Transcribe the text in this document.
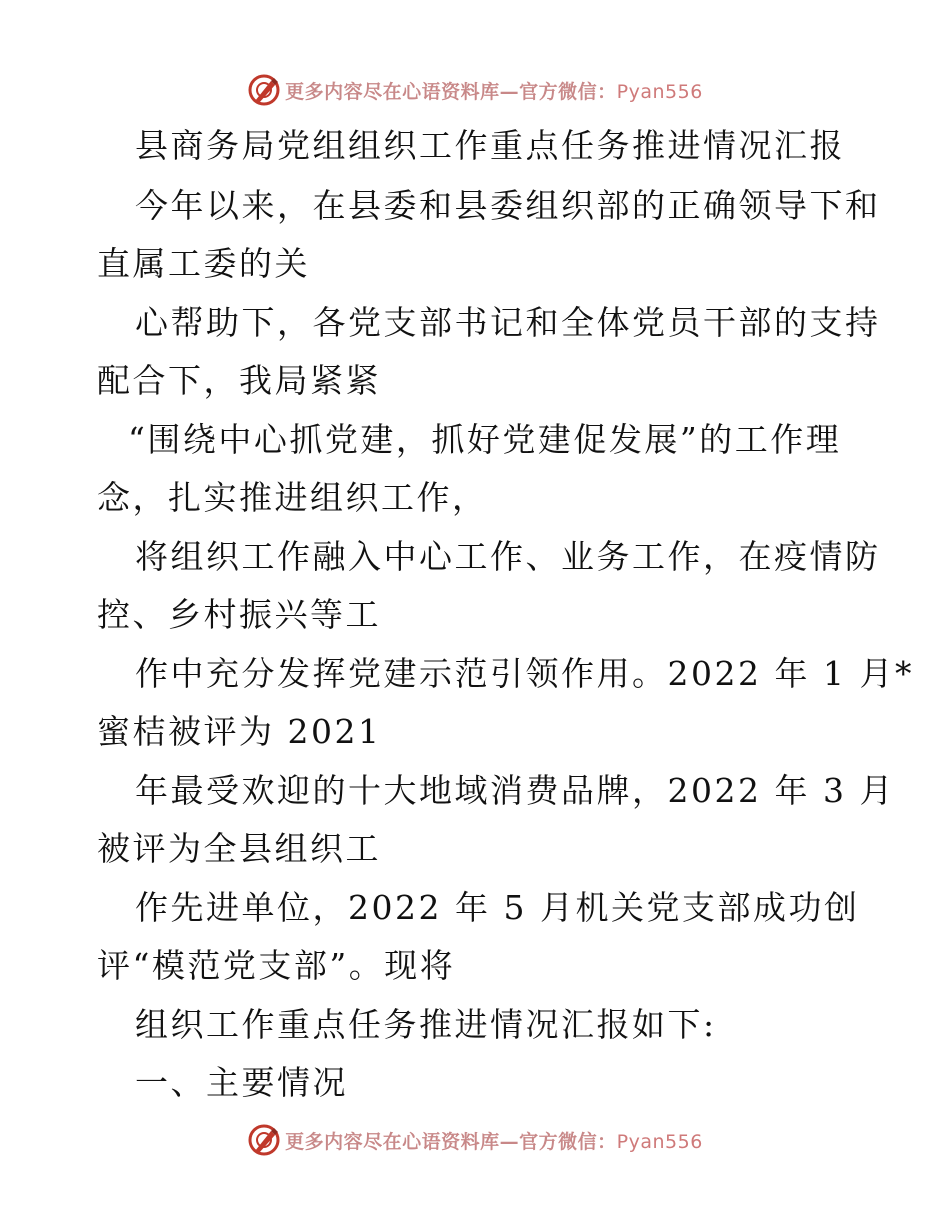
更多内容尽在心语资料库—官方微信：Pyan556
县商务局党组组织工作重点任务推进情况汇报
今年以来，在县委和县委组织部的正确领导下和
直属工委的关
心帮助下，各党支部书记和全体党员干部的支持
配合下，我局紧紧
“围绕中心抓党建，抓好党建促发展”的工作理
念，扎实推进组织工作，
将组织工作融入中心工作、业务工作，在疫情防
控、乡村振兴等工
作中充分发挥党建示范引领作用。2022 年 1 月*
蜜桔被评为 2021
年最受欢迎的十大地域消费品牌，2022 年 3 月
被评为全县组织工
作先进单位，2022 年 5 月机关党支部成功创
评“模范党支部”。现将
组织工作重点任务推进情况汇报如下:
一、主要情况
更多内容尽在心语资料库—官方微信：Pyan556
